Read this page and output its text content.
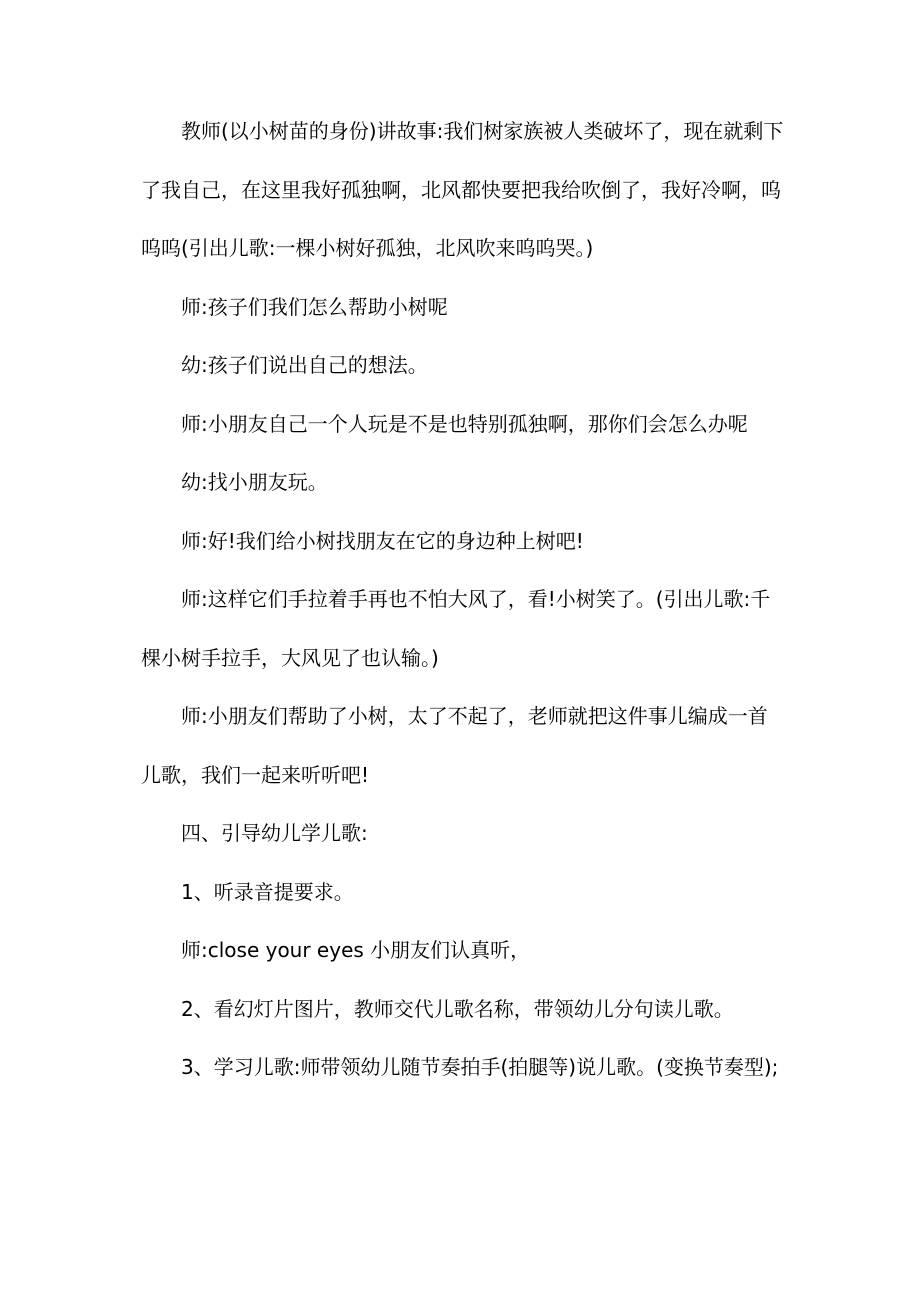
教师(以小树苗的身份)讲故事:我们树家族被人类破坏了，现在就剩下了我自己，在这里我好孤独啊，北风都快要把我给吹倒了，我好冷啊，呜呜呜(引出儿歌:一棵小树好孤独，北风吹来呜呜哭。)

师:孩子们我们怎么帮助小树呢

幼:孩子们说出自己的想法。

师:小朋友自己一个人玩是不是也特别孤独啊，那你们会怎么办呢

幼:找小朋友玩。

师:好!我们给小树找朋友在它的身边种上树吧!

师:这样它们手拉着手再也不怕大风了，看!小树笑了。(引出儿歌:千棵小树手拉手，大风见了也认输。)

师:小朋友们帮助了小树，太了不起了，老师就把这件事儿编成一首儿歌，我们一起来听听吧!

四、引导幼儿学儿歌:

1、听录音提要求。

师:close your eyes 小朋友们认真听，

2、看幻灯片图片，教师交代儿歌名称，带领幼儿分句读儿歌。

3、学习儿歌:师带领幼儿随节奏拍手(拍腿等)说儿歌。(变换节奏型);
